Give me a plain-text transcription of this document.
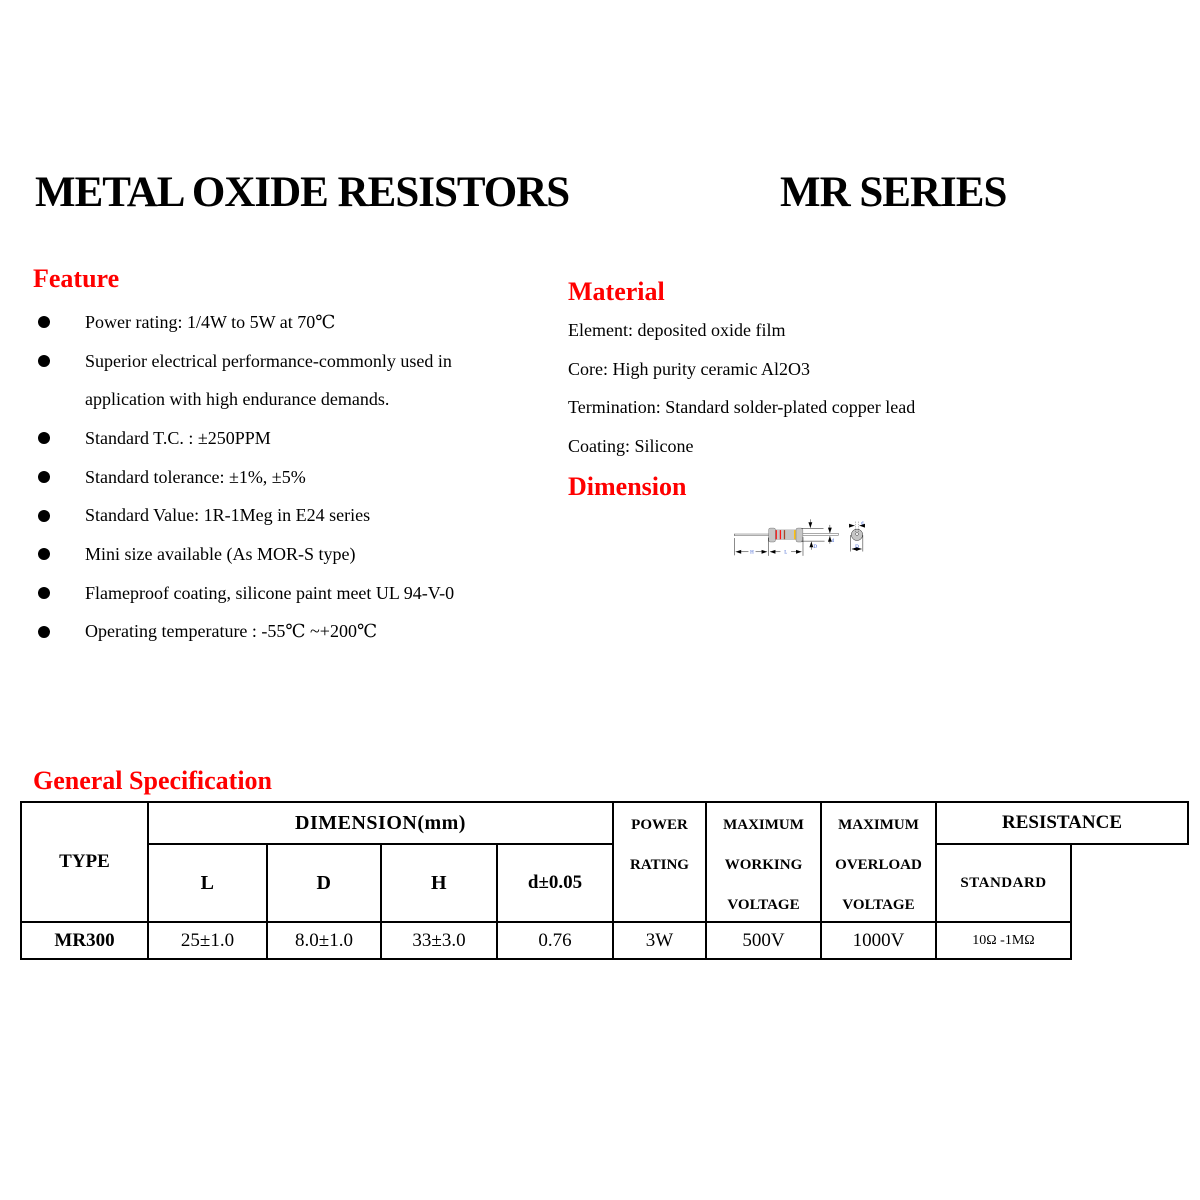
METAL OXIDE RESISTORS	MR SERIES
Feature
Power rating: 1/4W to 5W at 70℃
Superior electrical performance-commonly used in
application with high endurance demands.
Standard T.C. : ±250PPM
Standard tolerance: ±1%, ±5%
Standard Value: 1R-1Meg in E24 series
Mini size available (As MOR-S type)
Flameproof coating, silicone paint meet UL 94-V-0
Operating temperature : -55℃ ~+200℃
Material
Element: deposited oxide film
Core: High purity ceramic Al2O3
Termination: Standard solder-plated copper lead
Coating: Silicone
Dimension
D
d
H L
d
D
General Specification
TYPE
DIMENSION(mm)
L	D	H	d±0.05
POWER RATING
MAXIMUM WORKING VOLTAGE
MAXIMUM OVERLOAD VOLTAGE
RESISTANCE
STANDARD
MR300	25±1.0	8.0±1.0	33±3.0	0.76	3W	500V	1000V	10Ω -1MΩ
